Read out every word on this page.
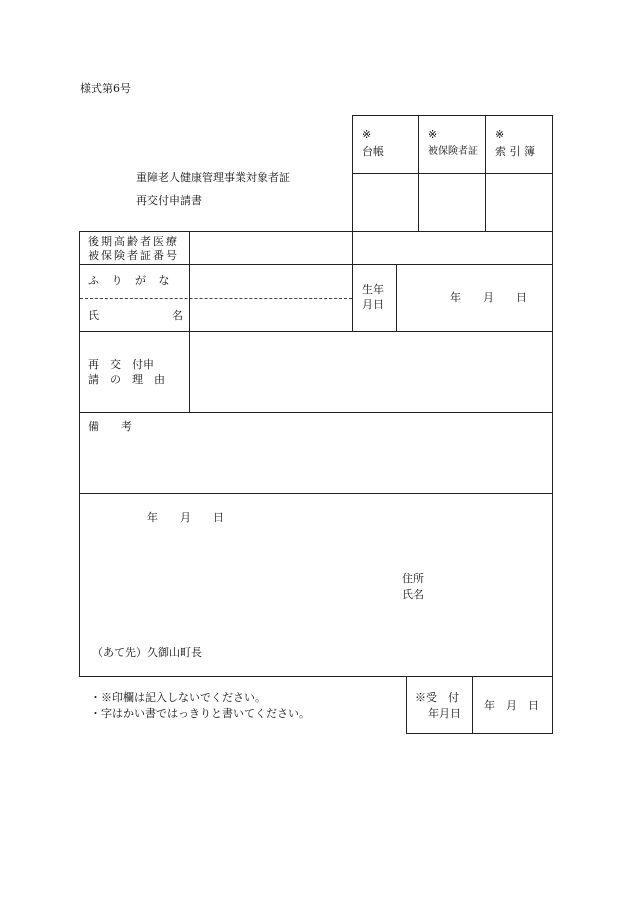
様式第6号
重障老人健康管理事業対象者証
再交付申請書
※
台帳
※
被保険者証
※
索 引 簿
後期高齢者医療
被保険者証番号
ふ り が な
氏	名
生年
月日
年　　月　　日
再　交　付申
請　の　理　由
備　　考
年　　月　　日
住所
氏名
（あて先）久御山町長
・※印欄は記入しないでください。
・字はかい書ではっきりと書いてください。
※受　付
年月日
年　月　日
